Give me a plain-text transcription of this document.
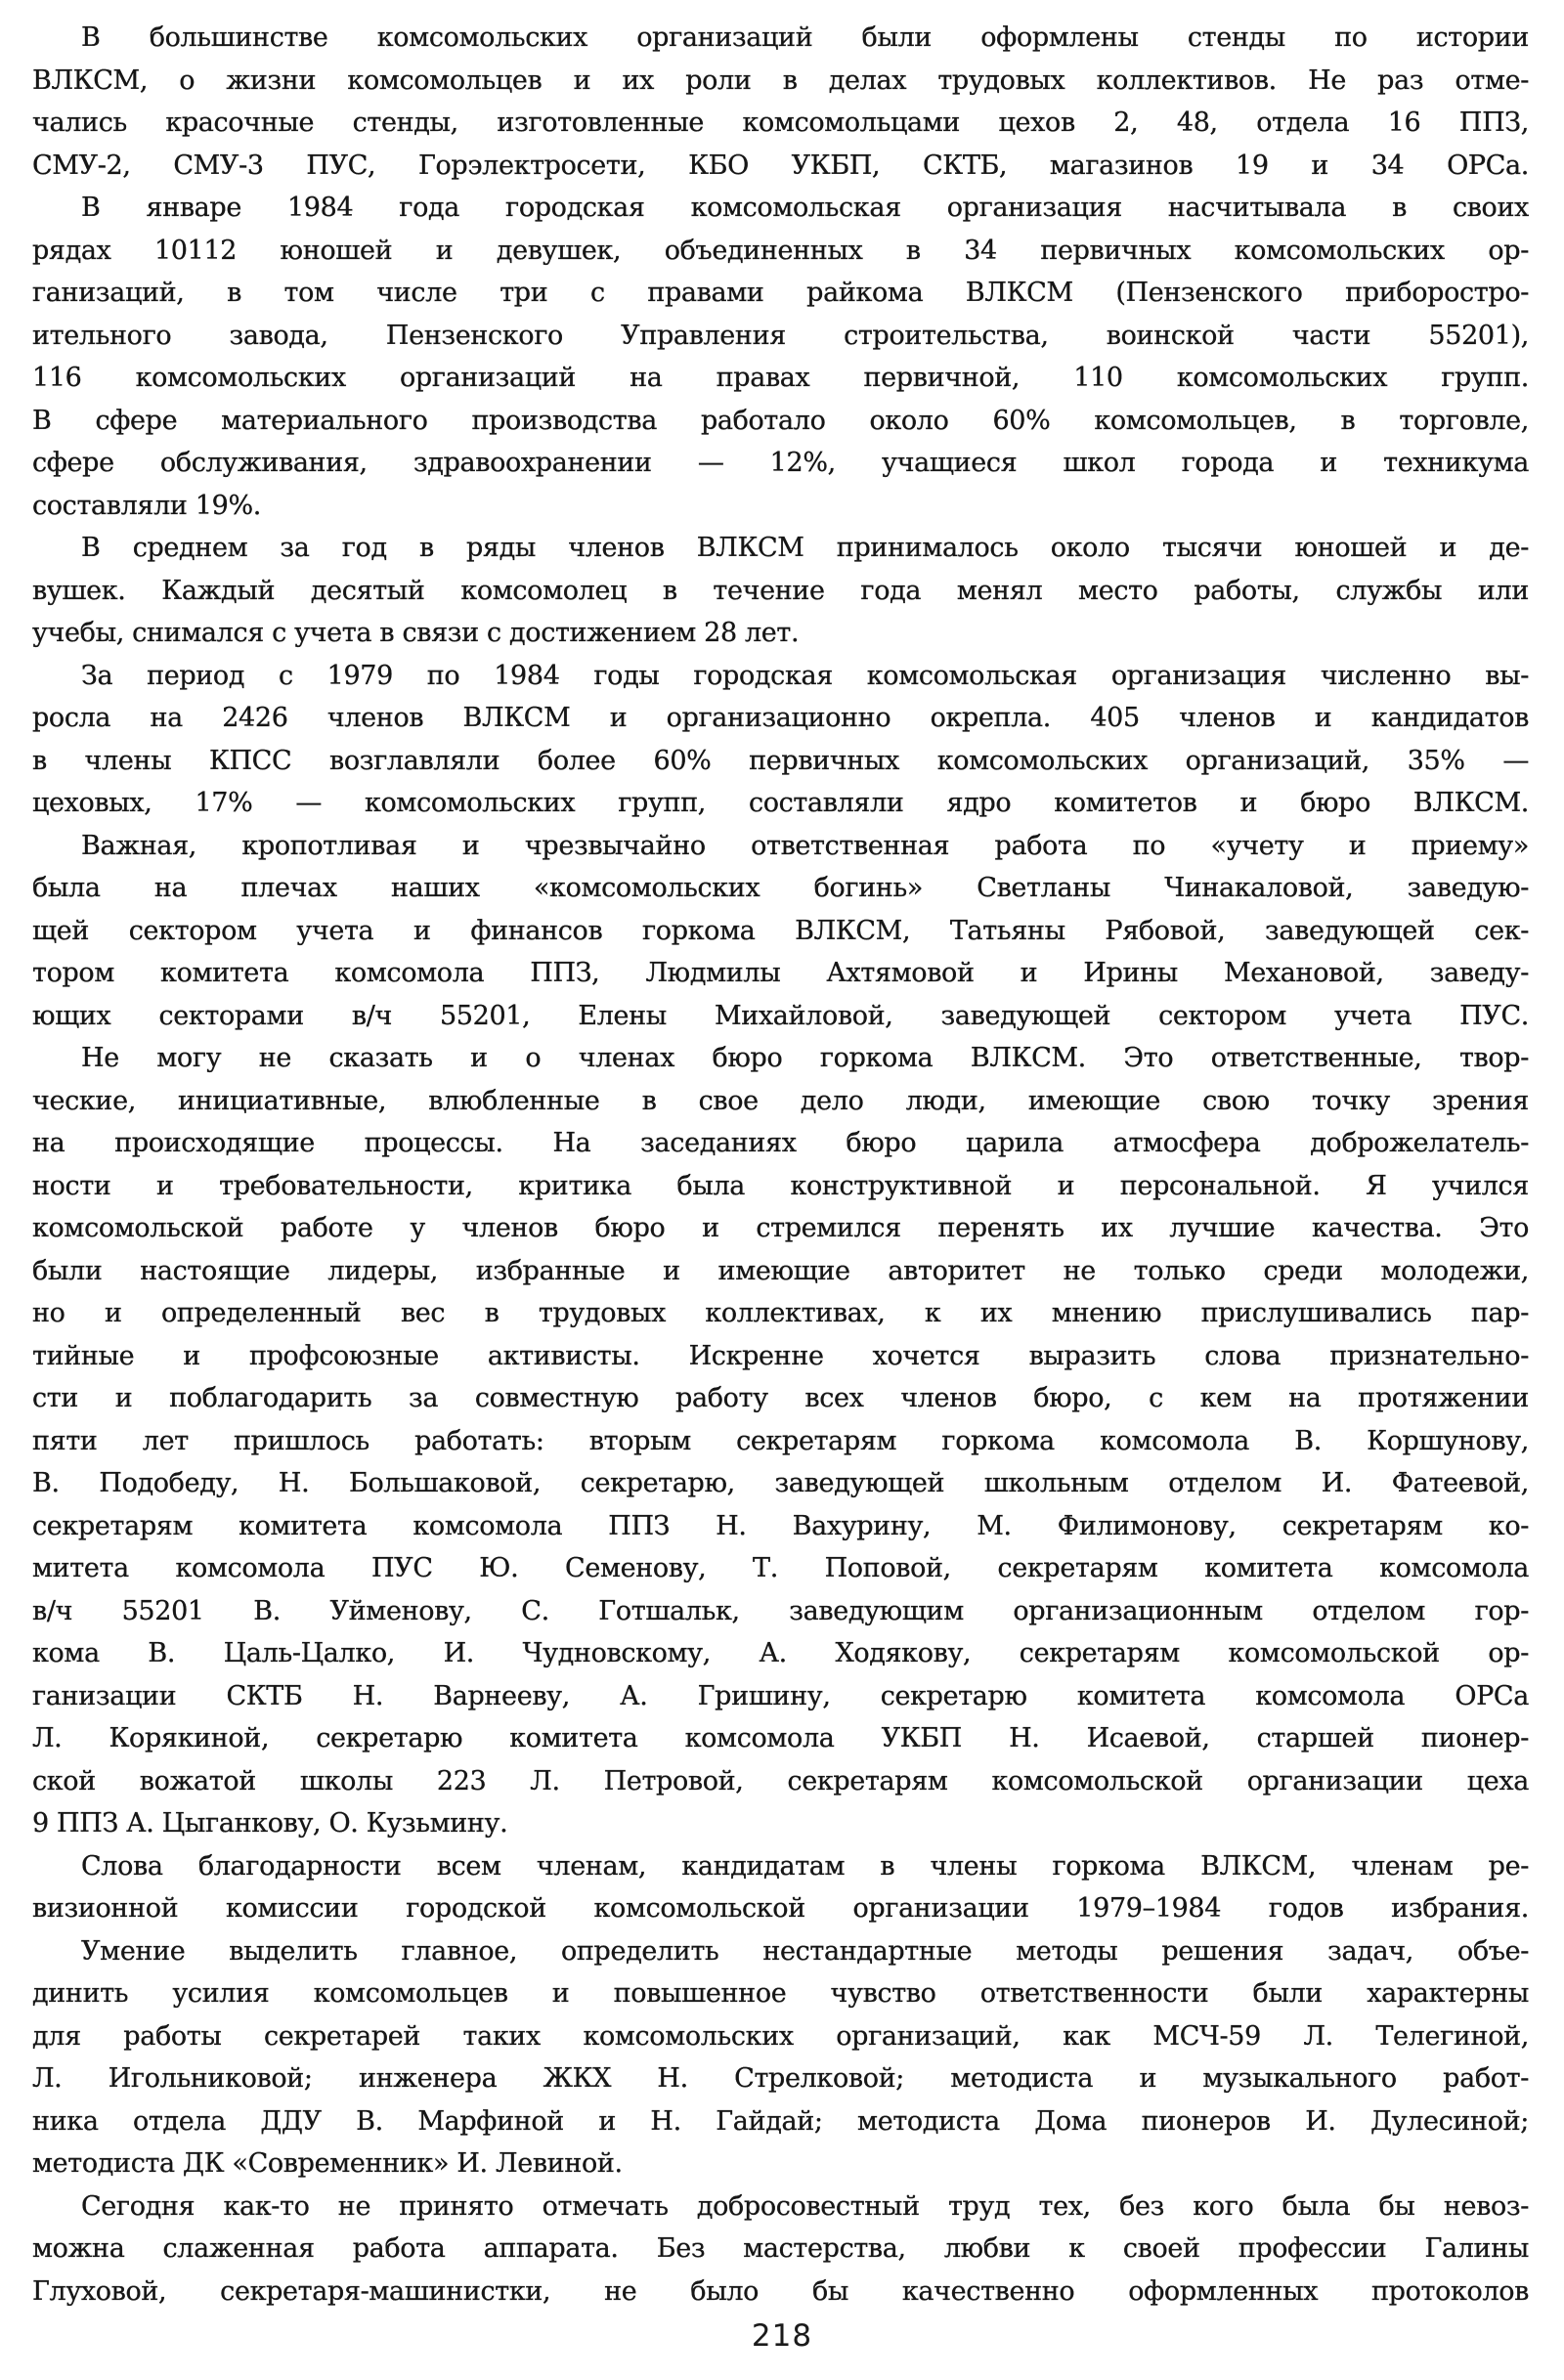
В большинстве комсомольских организаций были оформлены стенды по истории
ВЛКСМ, о жизни комсомольцев и их роли в делах трудовых коллективов. Не раз отме-
чались красочные стенды, изготовленные комсомольцами цехов 2, 48, отдела 16 ППЗ,
СМУ-2, СМУ-3 ПУС, Горэлектросети, КБО УКБП, СКТБ, магазинов 19 и 34 ОРСа.
В январе 1984 года городская комсомольская организация насчитывала в своих
рядах 10112 юношей и девушек, объединенных в 34 первичных комсомольских ор-
ганизаций, в том числе три с правами райкома ВЛКСМ (Пензенского приборостро-
ительного завода, Пензенского Управления строительства, воинской части 55201),
116 комсомольских организаций на правах первичной, 110 комсомольских групп.
В сфере материального производства работало около 60% комсомольцев, в торговле,
сфере обслуживания, здравоохранении — 12%, учащиеся школ города и техникума
составляли 19%.
В среднем за год в ряды членов ВЛКСМ принималось около тысячи юношей и де-
вушек. Каждый десятый комсомолец в течение года менял место работы, службы или
учебы, снимался с учета в связи с достижением 28 лет.
За период с 1979 по 1984 годы городская комсомольская организация численно вы-
росла на 2426 членов ВЛКСМ и организационно окрепла. 405 членов и кандидатов
в члены КПСС возглавляли более 60% первичных комсомольских организаций, 35% —
цеховых, 17% — комсомольских групп, составляли ядро комитетов и бюро ВЛКСМ.
Важная, кропотливая и чрезвычайно ответственная работа по «учету и приему»
была на плечах наших «комсомольских богинь» Светланы Чинакаловой, заведую-
щей сектором учета и финансов горкома ВЛКСМ, Татьяны Рябовой, заведующей сек-
тором комитета комсомола ППЗ, Людмилы Ахтямовой и Ирины Механовой, заведу-
ющих секторами в/ч 55201, Елены Михайловой, заведующей сектором учета ПУС.
Не могу не сказать и о членах бюро горкома ВЛКСМ. Это ответственные, твор-
ческие, инициативные, влюбленные в свое дело люди, имеющие свою точку зрения
на происходящие процессы. На заседаниях бюро царила атмосфера доброжелатель-
ности и требовательности, критика была конструктивной и персональной. Я учился
комсомольской работе у членов бюро и стремился перенять их лучшие качества. Это
были настоящие лидеры, избранные и имеющие авторитет не только среди молодежи,
но и определенный вес в трудовых коллективах, к их мнению прислушивались пар-
тийные и профсоюзные активисты. Искренне хочется выразить слова признательно-
сти и поблагодарить за совместную работу всех членов бюро, с кем на протяжении
пяти лет пришлось работать: вторым секретарям горкома комсомола В. Коршунову,
В. Подобеду, Н. Большаковой, секретарю, заведующей школьным отделом И. Фатеевой,
секретарям комитета комсомола ППЗ Н. Вахурину, М. Филимонову, секретарям ко-
митета комсомола ПУС Ю. Семенову, Т. Поповой, секретарям комитета комсомола
в/ч 55201 В. Уйменову, С. Готшальк, заведующим организационным отделом гор-
кома В. Цаль-Цалко, И. Чудновскому, А. Ходякову, секретарям комсомольской ор-
ганизации СКТБ Н. Варнееву, А. Гришину, секретарю комитета комсомола ОРСа
Л. Корякиной, секретарю комитета комсомола УКБП Н. Исаевой, старшей пионер-
ской вожатой школы 223 Л. Петровой, секретарям комсомольской организации цеха
9 ППЗ А. Цыганкову, О. Кузьмину.
Слова благодарности всем членам, кандидатам в члены горкома ВЛКСМ, членам ре-
визионной комиссии городской комсомольской организации 1979–1984 годов избрания.
Умение выделить главное, определить нестандартные методы решения задач, объе-
динить усилия комсомольцев и повышенное чувство ответственности были характерны
для работы секретарей таких комсомольских организаций, как МСЧ-59 Л. Телегиной,
Л. Игольниковой; инженера ЖКХ Н. Стрелковой; методиста и музыкального работ-
ника отдела ДДУ В. Марфиной и Н. Гайдай; методиста Дома пионеров И. Дулесиной;
методиста ДК «Современник» И. Левиной.
Сегодня как-то не принято отмечать добросовестный труд тех, без кого была бы невоз-
можна слаженная работа аппарата. Без мастерства, любви к своей профессии Галины
Глуховой, секретаря-машинистки, не было бы качественно оформленных протоколов
218
